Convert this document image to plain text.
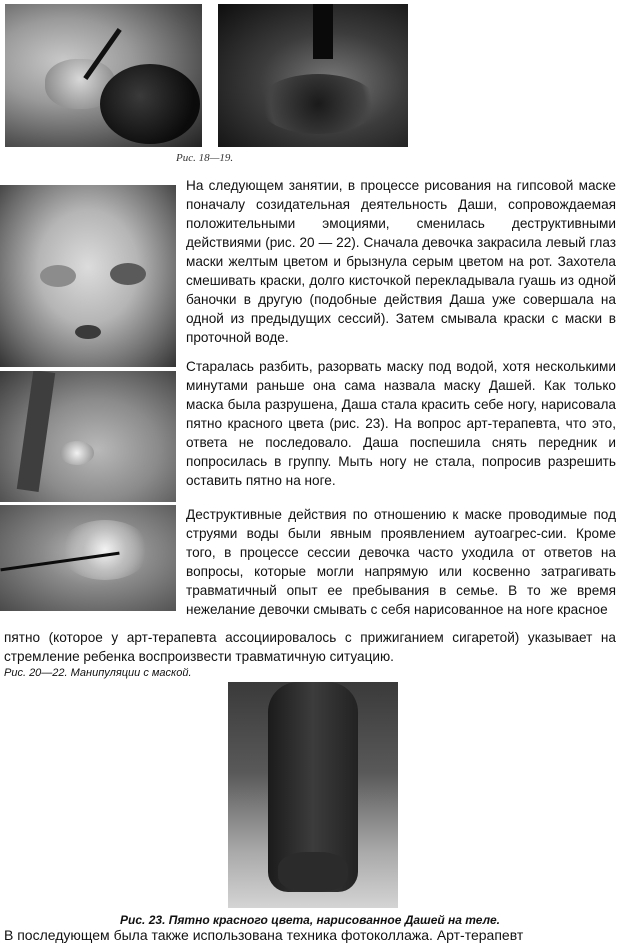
Рис. 18—19.

На следующем занятии, в процессе рисования на гипсовой маске поначалу созидательная деятельность Даши, сопровождаемая положительными эмоциями, сменилась деструктивными действиями (рис. 20 — 22). Сначала девочка закрасила левый глаз маски желтым цветом и брызнула серым цветом на рот. Захотела смешивать краски, долго кисточкой перекладывала гуашь из одной баночки в другую (подобные действия Даша уже совершала на одной из предыдущих сессий). Затем смывала краски с маски в проточной воде.

Старалась разбить, разорвать маску под водой, хотя несколькими минутами раньше она сама назвала маску Дашей. Как только маска была разрушена, Даша стала красить себе ногу, нарисовала пятно красного цвета (рис. 23). На вопрос арт-терапевта, что это, ответа не последовало. Даша поспешила снять передник и попросилась в группу. Мыть ногу не стала, попросив разрешить оставить пятно на ноге.

Деструктивные действия по отношению к маске проводимые под струями воды были явным проявлением аутоагрес-сии. Кроме того, в процессе сессии девочка часто уходила от ответов на вопросы, которые могли напрямую или косвенно затрагивать травматичный опыт ее пребывания в семье. В то же время нежелание девочки смывать с себя нарисованное на ноге красное

пятно (которое у арт-терапевта ассоциировалось с прижиганием сигаретой) указывает на стремление ребенка воспроизвести травматичную ситуацию.

Рис. 20—22. Манипуляции с маской.
Рис. 23. Пятно красного цвета, нарисованное Дашей на теле.

В последующем была также использована техника фотоколлажа. Арт-терапевт
